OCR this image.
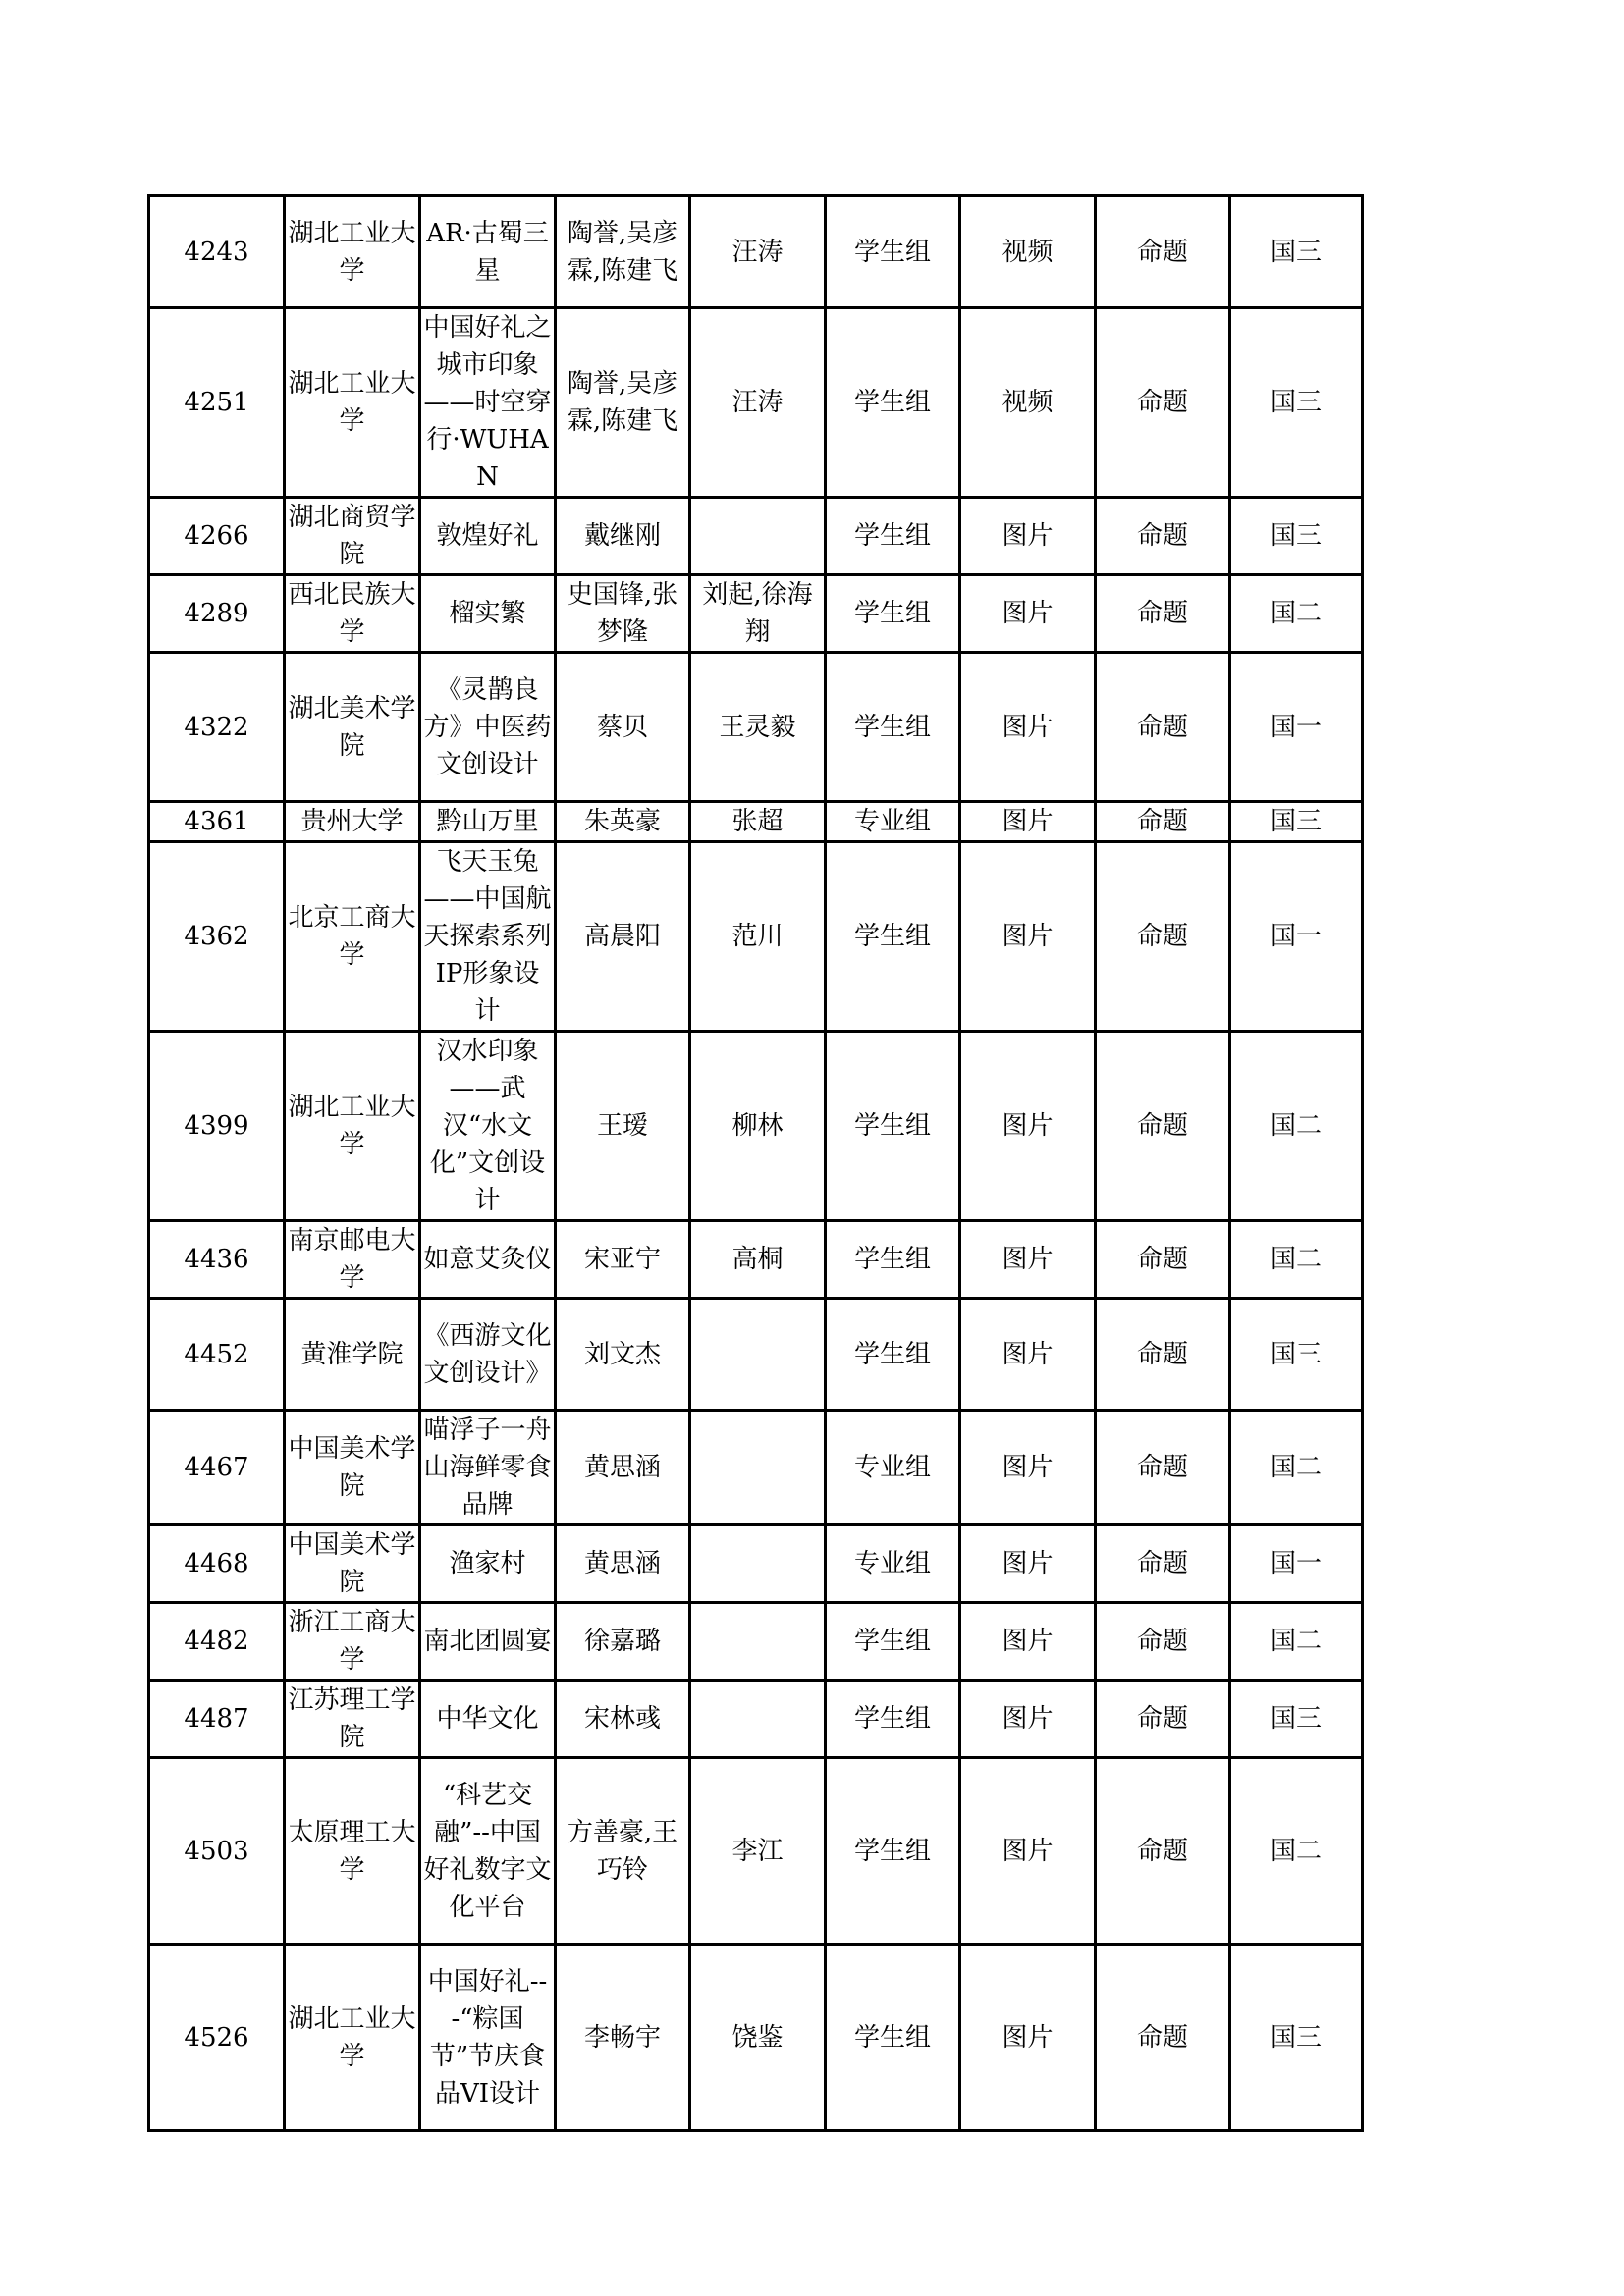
4243	湖北工业大学	AR·古蜀三星	陶誉,吴彦霖,陈建飞	汪涛	学生组	视频	命题	国三
4251	湖北工业大学	中国好礼之城市印象——时空穿行·WUHAN	陶誉,吴彦霖,陈建飞	汪涛	学生组	视频	命题	国三
4266	湖北商贸学院	敦煌好礼	戴继刚		学生组	图片	命题	国三
4289	西北民族大学	榴实繁	史国锋,张梦隆	刘起,徐海翔	学生组	图片	命题	国二
4322	湖北美术学院	《灵鹊良方》中医药文创设计	蔡贝	王灵毅	学生组	图片	命题	国一
4361	贵州大学	黔山万里	朱英豪	张超	专业组	图片	命题	国三
4362	北京工商大学	飞天玉兔——中国航天探索系列IP形象设计	高晨阳	范川	学生组	图片	命题	国一
4399	湖北工业大学	汉水印象——武汉“水文化”文创设计	王瑷	柳林	学生组	图片	命题	国二
4436	南京邮电大学	如意艾灸仪	宋亚宁	高桐	学生组	图片	命题	国二
4452	黄淮学院	《西游文化文创设计》	刘文杰		学生组	图片	命题	国三
4467	中国美术学院	喵浮子一舟山海鲜零食品牌	黄思涵		专业组	图片	命题	国二
4468	中国美术学院	渔家村	黄思涵		专业组	图片	命题	国一
4482	浙江工商大学	南北团圆宴	徐嘉璐		学生组	图片	命题	国二
4487	江苏理工学院	中华文化	宋林彧		学生组	图片	命题	国三
4503	太原理工大学	“科艺交融”--中国好礼数字文化平台	方善豪,王巧铃	李江	学生组	图片	命题	国二
4526	湖北工业大学	中国好礼---“粽国节”节庆食品VI设计	李畅宇	饶鉴	学生组	图片	命题	国三
